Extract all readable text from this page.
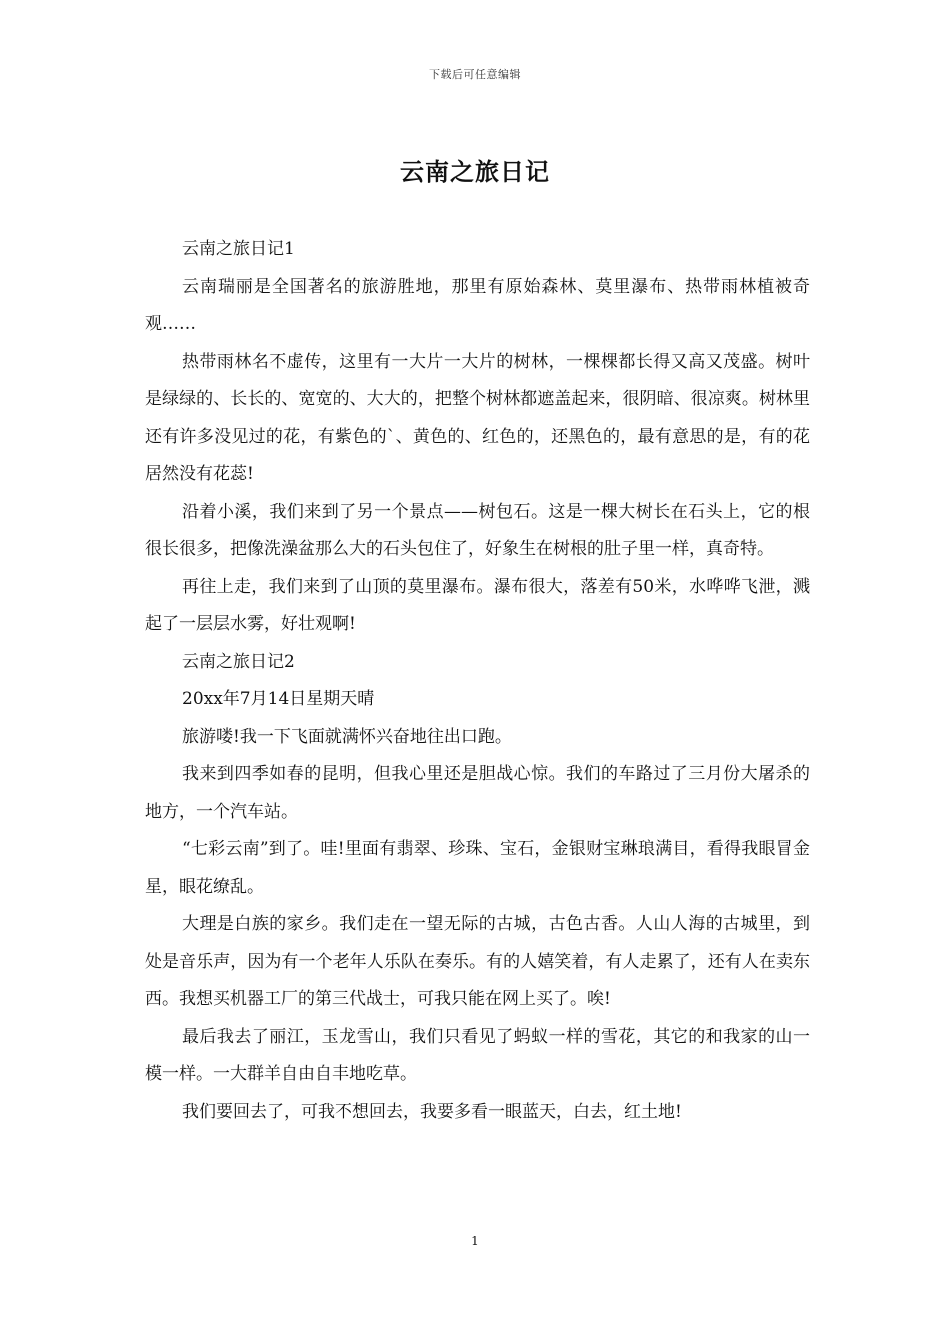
下载后可任意编辑
云南之旅日记

云南之旅日记1

云南瑞丽是全国著名的旅游胜地，那里有原始森林、莫里瀑布、热带雨林植被奇观……

热带雨林名不虚传，这里有一大片一大片的树林，一棵棵都长得又高又茂盛。树叶是绿绿的、长长的、宽宽的、大大的，把整个树林都遮盖起来，很阴暗、很凉爽。树林里还有许多没见过的花，有紫色的`、黄色的、红色的，还黑色的，最有意思的是，有的花居然没有花蕊!

沿着小溪，我们来到了另一个景点——树包石。这是一棵大树长在石头上，它的根很长很多，把像洗澡盆那么大的石头包住了，好象生在树根的肚子里一样，真奇特。

再往上走，我们来到了山顶的莫里瀑布。瀑布很大，落差有50米，水哗哗飞泄，溅起了一层层水雾，好壮观啊!

云南之旅日记2

20xx年7月14日星期天晴

旅游喽!我一下飞面就满怀兴奋地往出口跑。

我来到四季如春的昆明，但我心里还是胆战心惊。我们的车路过了三月份大屠杀的地方，一个汽车站。

“七彩云南”到了。哇!里面有翡翠、珍珠、宝石，金银财宝琳琅满目，看得我眼冒金星，眼花缭乱。

大理是白族的家乡。我们走在一望无际的古城，古色古香。人山人海的古城里，到处是音乐声，因为有一个老年人乐队在奏乐。有的人嬉笑着，有人走累了，还有人在卖东西。我想买机器工厂的第三代战士，可我只能在网上买了。唉!

最后我去了丽江，玉龙雪山，我们只看见了蚂蚁一样的雪花，其它的和我家的山一模一样。一大群羊自由自丰地吃草。

我们要回去了，可我不想回去，我要多看一眼蓝天，白去，红土地!

1
